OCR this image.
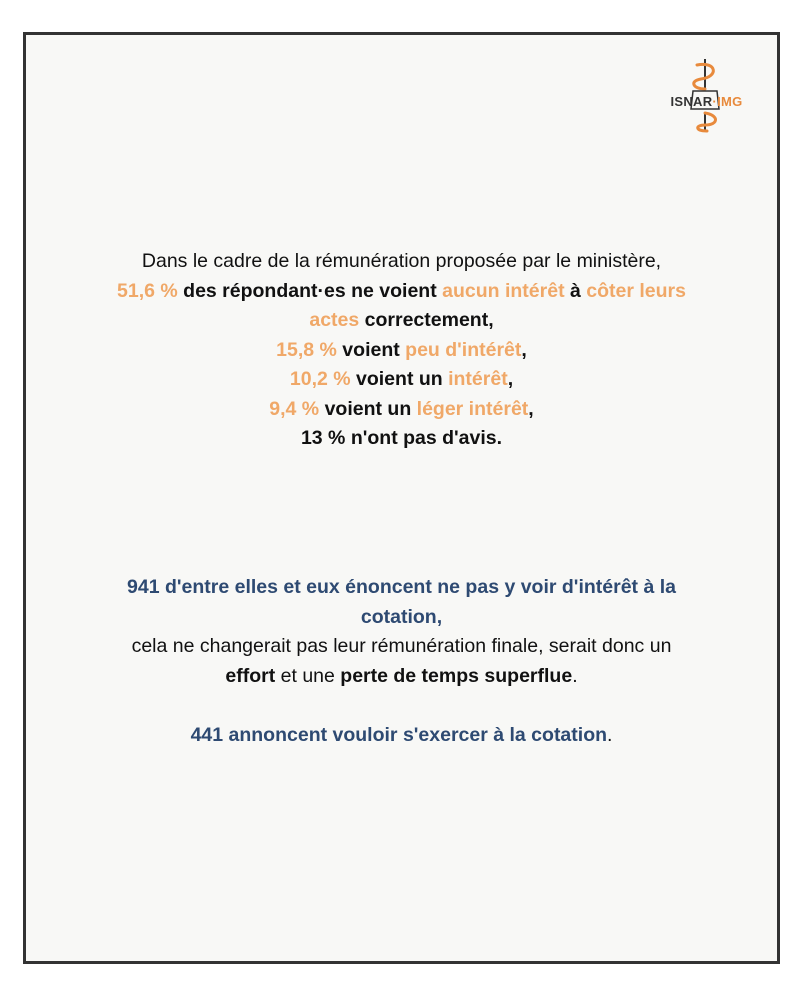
ISNAR·IMG
Dans le cadre de la rémunération proposée par le ministère,
51,6 % des répondant·es ne voient aucun intérêt à côter leurs
actes correctement,
15,8 % voient peu d'intérêt,
10,2 % voient un intérêt,
9,4 % voient un léger intérêt,
13 % n'ont pas d'avis.
941 d'entre elles et eux énoncent ne pas y voir d'intérêt à la
cotation,
cela ne changerait pas leur rémunération finale, serait donc un
effort et une perte de temps superflue.
441 annoncent vouloir s'exercer à la cotation.
